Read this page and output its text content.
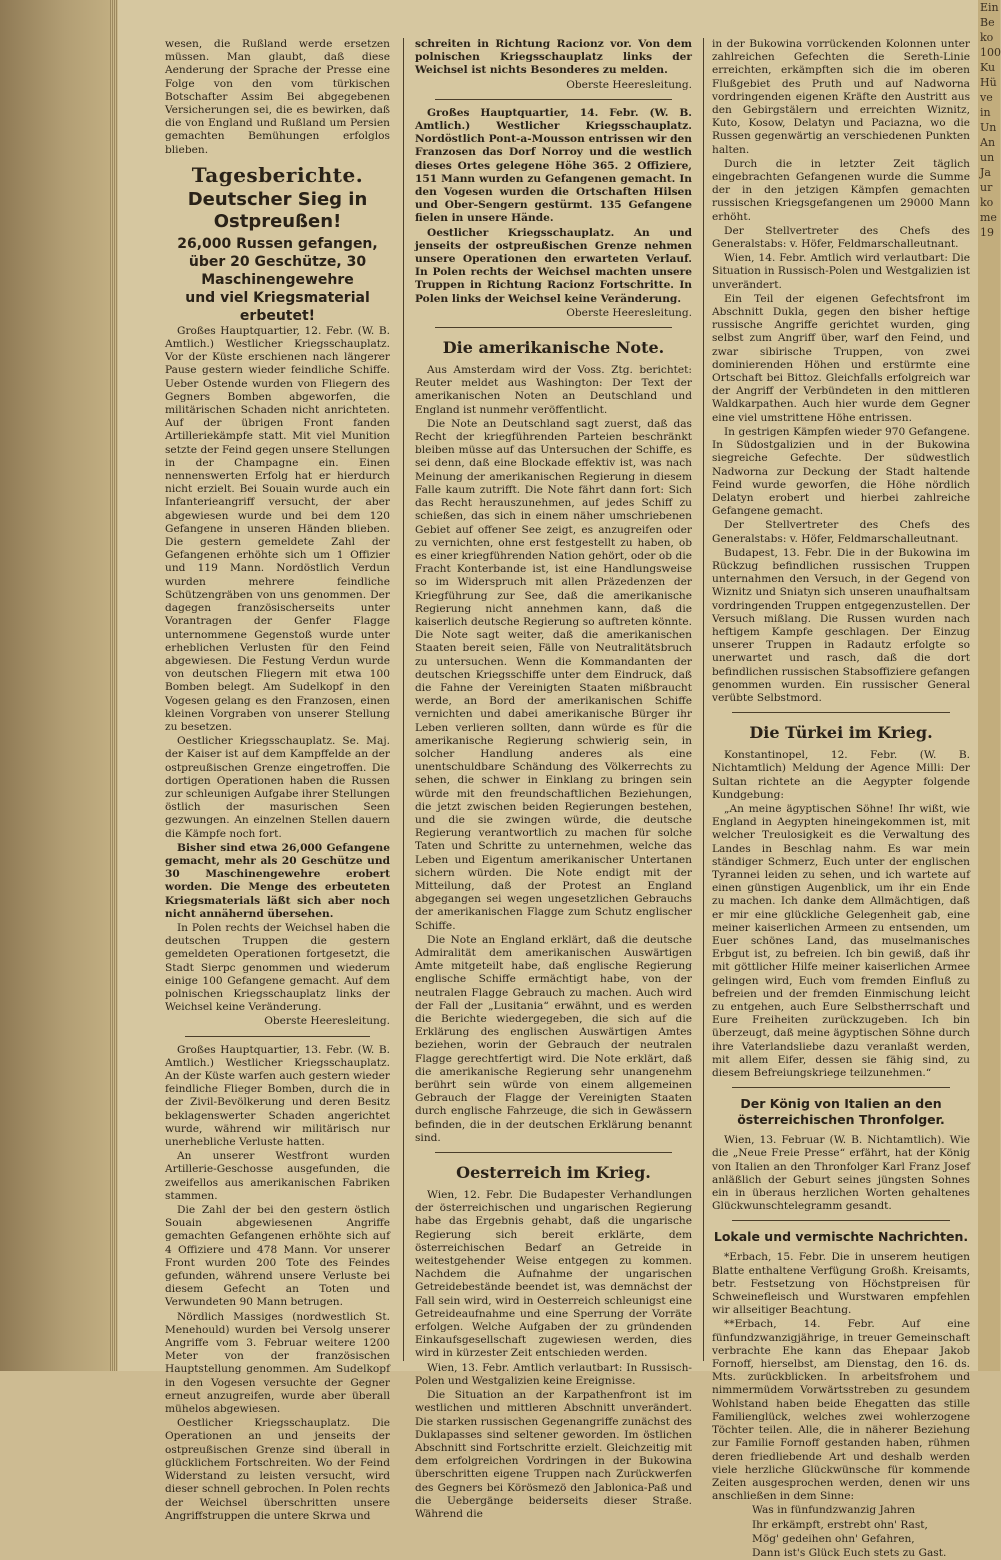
Ein
Be
ko
100
Ku
Hü
ve
in
Un
An
un
Ja
ur
ko
me
19

wesen, die Rußland werde ersetzen müssen. Man glaubt, daß diese Aenderung der Sprache der Presse eine Folge von den vom türkischen Botschafter Assim Bei abgegebenen Versicherungen sei, die es bewirken, daß die von England und Rußland um Persien gemachten Bemühungen erfolglos blieben.

Tagesberichte.
Deutscher Sieg in Ostpreußen!
26,000 Russen gefangen,
über 20 Geschütze, 30 Maschinengewehre
und viel Kriegsmaterial erbeutet!

Großes Hauptquartier, 12. Febr. (W. B. Amtlich.) Westlicher Kriegsschauplatz. Vor der Küste erschienen nach längerer Pause gestern wieder feindliche Schiffe. Ueber Ostende wurden von Fliegern des Gegners Bomben abgeworfen, die militärischen Schaden nicht anrichteten. Auf der übrigen Front fanden Artilleriekämpfe statt. Mit viel Munition setzte der Feind gegen unsere Stellungen in der Champagne ein. Einen nennenswerten Erfolg hat er hierdurch nicht erzielt. Bei Souain wurde auch ein Infanterieangriff versucht, der aber abgewiesen wurde und bei dem 120 Gefangene in unseren Händen blieben. Die gestern gemeldete Zahl der Gefangenen erhöhte sich um 1 Offizier und 119 Mann. Nordöstlich Verdun wurden mehrere feindliche Schützengräben von uns genommen. Der dagegen französischerseits unter Vorantragen der Genfer Flagge unternommene Gegenstoß wurde unter erheblichen Verlusten für den Feind abgewiesen. Die Festung Verdun wurde von deutschen Fliegern mit etwa 100 Bomben belegt. Am Sudelkopf in den Vogesen gelang es den Franzosen, einen kleinen Vorgraben von unserer Stellung zu besetzen.

Oestlicher Kriegsschauplatz. Se. Maj. der Kaiser ist auf dem Kampffelde an der ostpreußischen Grenze eingetroffen. Die dortigen Operationen haben die Russen zur schleunigen Aufgabe ihrer Stellungen östlich der masurischen Seen gezwungen. An einzelnen Stellen dauern die Kämpfe noch fort.

Bisher sind etwa 26,000 Gefangene gemacht, mehr als 20 Geschütze und 30 Maschinengewehre erobert worden. Die Menge des erbeuteten Kriegsmaterials läßt sich aber noch nicht annähernd übersehen.

In Polen rechts der Weichsel haben die deutschen Truppen die gestern gemeldeten Operationen fortgesetzt, die Stadt Sierpc genommen und wiederum einige 100 Gefangene gemacht. Auf dem polnischen Kriegsschauplatz links der Weichsel keine Veränderung.

Oberste Heeresleitung.

Großes Hauptquartier, 13. Febr. (W. B. Amtlich.) Westlicher Kriegsschauplatz. An der Küste warfen auch gestern wieder feindliche Flieger Bomben, durch die in der Zivil-Bevölkerung und deren Besitz beklagenswerter Schaden angerichtet wurde, während wir militärisch nur unerhebliche Verluste hatten.

An unserer Westfront wurden Artillerie-Geschosse ausgefunden, die zweifellos aus amerikanischen Fabriken stammen.

Die Zahl der bei den gestern östlich Souain abgewiesenen Angriffe gemachten Gefangenen erhöhte sich auf 4 Offiziere und 478 Mann. Vor unserer Front wurden 200 Tote des Feindes gefunden, während unsere Verluste bei diesem Gefecht an Toten und Verwundeten 90 Mann betrugen.

Nördlich Massiges (nordwestlich St. Menehould) wurden bei Versolg unserer Angriffe vom 3. Februar weitere 1200 Meter von der französischen Hauptstellung genommen. Am Sudelkopf in den Vogesen versuchte der Gegner erneut anzugreifen, wurde aber überall mühelos abgewiesen.

Oestlicher Kriegsschauplatz. Die Operationen an und jenseits der ostpreußischen Grenze sind überall in glücklichem Fortschreiten. Wo der Feind Widerstand zu leisten versucht, wird dieser schnell gebrochen. In Polen rechts der Weichsel überschritten unsere Angriffstruppen die untere Skrwa und

schreiten in Richtung Racionz vor. Von dem polnischen Kriegsschauplatz links der Weichsel ist nichts Besonderes zu melden.

Oberste Heeresleitung.

Großes Hauptquartier, 14. Febr. (W. B. Amtlich.) Westlicher Kriegsschauplatz. Nordöstlich Pont-a-Mousson entrissen wir den Franzosen das Dorf Norroy und die westlich dieses Ortes gelegene Höhe 365. 2 Offiziere, 151 Mann wurden zu Gefangenen gemacht. In den Vogesen wurden die Ortschaften Hilsen und Ober-Sengern gestürmt. 135 Gefangene fielen in unsere Hände.

Oestlicher Kriegsschauplatz. An und jenseits der ostpreußischen Grenze nehmen unsere Operationen den erwarteten Verlauf. In Polen rechts der Weichsel machten unsere Truppen in Richtung Racionz Fortschritte. In Polen links der Weichsel keine Veränderung.

Oberste Heeresleitung.

Die amerikanische Note.

Aus Amsterdam wird der Voss. Ztg. berichtet: Reuter meldet aus Washington: Der Text der amerikanischen Noten an Deutschland und England ist nunmehr veröffentlicht.

Die Note an Deutschland sagt zuerst, daß das Recht der kriegführenden Parteien beschränkt bleiben müsse auf das Untersuchen der Schiffe, es sei denn, daß eine Blockade effektiv ist, was nach Meinung der amerikanischen Regierung in diesem Falle kaum zutrifft. Die Note fährt dann fort: Sich das Recht herauszunehmen, auf jedes Schiff zu schießen, das sich in einem näher umschriebenen Gebiet auf offener See zeigt, es anzugreifen oder zu vernichten, ohne erst festgestellt zu haben, ob es einer kriegführenden Nation gehört, oder ob die Fracht Konterbande ist, ist eine Handlungsweise so im Widerspruch mit allen Präzedenzen der Kriegführung zur See, daß die amerikanische Regierung nicht annehmen kann, daß die kaiserlich deutsche Regierung so auftreten könnte. Die Note sagt weiter, daß die amerikanischen Staaten bereit seien, Fälle von Neutralitätsbruch zu untersuchen. Wenn die Kommandanten der deutschen Kriegsschiffe unter dem Eindruck, daß die Fahne der Vereinigten Staaten mißbraucht werde, an Bord der amerikanischen Schiffe vernichten und dabei amerikanische Bürger ihr Leben verlieren sollten, dann würde es für die amerikanische Regierung schwierig sein, in solcher Handlung anderes als eine unentschuldbare Schändung des Völkerrechts zu sehen, die schwer in Einklang zu bringen sein würde mit den freundschaftlichen Beziehungen, die jetzt zwischen beiden Regierungen bestehen, und die sie zwingen würde, die deutsche Regierung verantwortlich zu machen für solche Taten und Schritte zu unternehmen, welche das Leben und Eigentum amerikanischer Untertanen sichern würden. Die Note endigt mit der Mitteilung, daß der Protest an England abgegangen sei wegen ungesetzlichen Gebrauchs der amerikanischen Flagge zum Schutz englischer Schiffe.

Die Note an England erklärt, daß die deutsche Admiralität dem amerikanischen Auswärtigen Amte mitgeteilt habe, daß englische Regierung englische Schiffe ermächtigt habe, von der neutralen Flagge Gebrauch zu machen. Auch wird der Fall der „Lusitania“ erwähnt, und es werden die Berichte wiedergegeben, die sich auf die Erklärung des englischen Auswärtigen Amtes beziehen, worin der Gebrauch der neutralen Flagge gerechtfertigt wird. Die Note erklärt, daß die amerikanische Regierung sehr unangenehm berührt sein würde von einem allgemeinen Gebrauch der Flagge der Vereinigten Staaten durch englische Fahrzeuge, die sich in Gewässern befinden, die in der deutschen Erklärung benannt sind.

Oesterreich im Krieg.

Wien, 12. Febr. Die Budapester Verhandlungen der österreichischen und ungarischen Regierung habe das Ergebnis gehabt, daß die ungarische Regierung sich bereit erklärte, dem österreichischen Bedarf an Getreide in weitestgehender Weise entgegen zu kommen. Nachdem die Aufnahme der ungarischen Getreidebestände beendet ist, was demnächst der Fall sein wird, wird in Oesterreich schleunigst eine Getreideaufnahme und eine Sperrung der Vorräte erfolgen. Welche Aufgaben der zu gründenden Einkaufsgesellschaft zugewiesen werden, dies wird in kürzester Zeit entschieden werden.

Wien, 13. Febr. Amtlich verlautbart: In Russisch-Polen und Westgalizien keine Ereignisse.

Die Situation an der Karpathenfront ist im westlichen und mittleren Abschnitt unverändert. Die starken russischen Gegenangriffe zunächst des Duklapasses sind seltener geworden. Im östlichen Abschnitt sind Fortschritte erzielt. Gleichzeitig mit dem erfolgreichen Vordringen in der Bukowina überschritten eigene Truppen nach Zurückwerfen des Gegners bei Körösmezö den Jablonica-Paß und die Uebergänge beiderseits dieser Straße. Während die

in der Bukowina vorrückenden Kolonnen unter zahlreichen Gefechten die Sereth-Linie erreichten, erkämpften sich die im oberen Flußgebiet des Pruth und auf Nadworna vordringenden eigenen Kräfte den Austritt aus den Gebirgstälern und erreichten Wiznitz, Kuto, Kosow, Delatyn und Paciazna, wo die Russen gegenwärtig an verschiedenen Punkten halten.

Durch die in letzter Zeit täglich eingebrachten Gefangenen wurde die Summe der in den jetzigen Kämpfen gemachten russischen Kriegsgefangenen um 29000 Mann erhöht.

Der Stellvertreter des Chefs des Generalstabs: v. Höfer, Feldmarschalleutnant.

Wien, 14. Febr. Amtlich wird verlautbart: Die Situation in Russisch-Polen und Westgalizien ist unverändert.

Ein Teil der eigenen Gefechtsfront im Abschnitt Dukla, gegen den bisher heftige russische Angriffe gerichtet wurden, ging selbst zum Angriff über, warf den Feind, und zwar sibirische Truppen, von zwei dominierenden Höhen und erstürmte eine Ortschaft bei Bittoz. Gleichfalls erfolgreich war der Angriff der Verbündeten in den mittleren Waldkarpathen. Auch hier wurde dem Gegner eine viel umstrittene Höhe entrissen.

In gestrigen Kämpfen wieder 970 Gefangene. In Südostgalizien und in der Bukowina siegreiche Gefechte. Der südwestlich Nadworna zur Deckung der Stadt haltende Feind wurde geworfen, die Höhe nördlich Delatyn erobert und hierbei zahlreiche Gefangene gemacht.

Der Stellvertreter des Chefs des Generalstabs: v. Höfer, Feldmarschalleutnant.

Budapest, 13. Febr. Die in der Bukowina im Rückzug befindlichen russischen Truppen unternahmen den Versuch, in der Gegend von Wiznitz und Sniatyn sich unseren unaufhaltsam vordringenden Truppen entgegenzustellen. Der Versuch mißlang. Die Russen wurden nach heftigem Kampfe geschlagen. Der Einzug unserer Truppen in Radautz erfolgte so unerwartet und rasch, daß die dort befindlichen russischen Stabsoffiziere gefangen genommen wurden. Ein russischer General verübte Selbstmord.

Die Türkei im Krieg.

Konstantinopel, 12. Febr. (W. B. Nichtamtlich) Meldung der Agence Milli: Der Sultan richtete an die Aegypter folgende Kundgebung:

„An meine ägyptischen Söhne! Ihr wißt, wie England in Aegypten hineingekommen ist, mit welcher Treulosigkeit es die Verwaltung des Landes in Beschlag nahm. Es war mein ständiger Schmerz, Euch unter der englischen Tyrannei leiden zu sehen, und ich wartete auf einen günstigen Augenblick, um ihr ein Ende zu machen. Ich danke dem Allmächtigen, daß er mir eine glückliche Gelegenheit gab, eine meiner kaiserlichen Armeen zu entsenden, um Euer schönes Land, das muselmanisches Erbgut ist, zu befreien. Ich bin gewiß, daß ihr mit göttlicher Hilfe meiner kaiserlichen Armee gelingen wird, Euch vom fremden Einfluß zu befreien und der fremden Einmischung leicht zu entgehen, auch Eure Selbstherrschaft und Eure Freiheiten zurückzugeben. Ich bin überzeugt, daß meine ägyptischen Söhne durch ihre Vaterlandsliebe dazu veranlaßt werden, mit allem Eifer, dessen sie fähig sind, zu diesem Befreiungskriege teilzunehmen.“

Der König von Italien an den österreichischen Thronfolger.

Wien, 13. Februar (W. B. Nichtamtlich). Wie die „Neue Freie Presse“ erfährt, hat der König von Italien an den Thronfolger Karl Franz Josef anläßlich der Geburt seines jüngsten Sohnes ein in überaus herzlichen Worten gehaltenes Glückwunschtelegramm gesandt.

Lokale und vermischte Nachrichten.

*Erbach, 15. Febr. Die in unserem heutigen Blatte enthaltene Verfügung Großh. Kreisamts, betr. Festsetzung von Höchstpreisen für Schweinefleisch und Wurstwaren empfehlen wir allseitiger Beachtung.

**Erbach, 14. Febr. Auf eine fünfundzwanzigjährige, in treuer Gemeinschaft verbrachte Ehe kann das Ehepaar Jakob Fornoff, hierselbst, am Dienstag, den 16. ds. Mts. zurückblicken. In arbeitsfrohem und nimmermüdem Vorwärtsstreben zu gesundem Wohlstand haben beide Ehegatten das stille Familienglück, welches zwei wohlerzogene Töchter teilen. Alle, die in näherer Beziehung zur Familie Fornoff gestanden haben, rühmen deren friedliebende Art und deshalb werden viele herzliche Glückwünsche für kommende Zeiten ausgesprochen werden, denen wir uns anschließen in dem Sinne:

Was in fünfundzwanzig Jahren

Ihr erkämpft, erstrebt ohn' Rast,

Mög' gedeihen ohn' Gefahren,

Dann ist's Glück Euch stets zu Gast.
